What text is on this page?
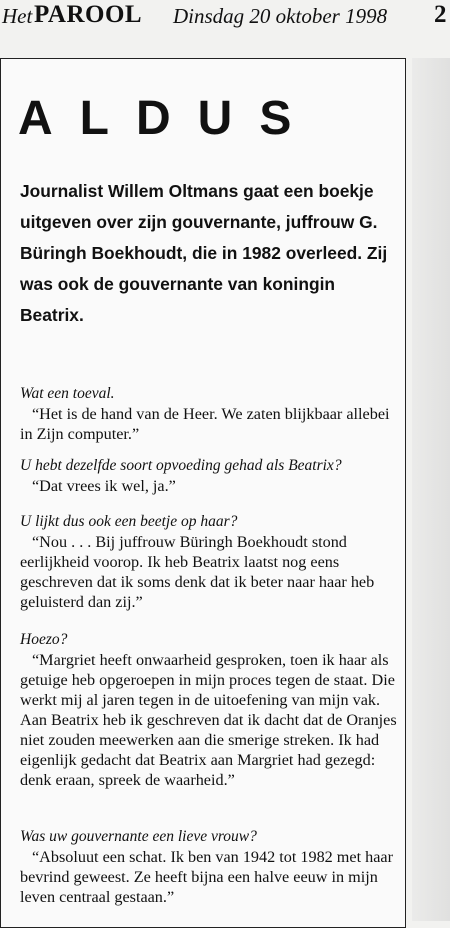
Het PAROOL Dinsdag 20 oktober 1998 2
ALDUS
Journalist Willem Oltmans gaat een boekje uitgeven over zijn gouvernante, juffrouw G. Büringh Boekhoudt, die in 1982 overleed. Zij was ook de gouvernante van koningin Beatrix.
Wat een toeval.
“Het is de hand van de Heer. We zaten blijkbaar allebei in Zijn computer.”
U hebt dezelfde soort opvoeding gehad als Beatrix?
“Dat vrees ik wel, ja.”
U lijkt dus ook een beetje op haar?
“Nou . . . Bij juffrouw Büringh Boekhoudt stond eerlijkheid voorop. Ik heb Beatrix laatst nog eens geschreven dat ik soms denk dat ik beter naar haar heb geluisterd dan zij.”
Hoezo?
“Margriet heeft onwaarheid gesproken, toen ik haar als getuige heb opgeroepen in mijn proces tegen de staat. Die werkt mij al jaren tegen in de uitoefening van mijn vak. Aan Beatrix heb ik geschreven dat ik dacht dat de Oranjes niet zouden meewerken aan die smerige streken. Ik had eigenlijk gedacht dat Beatrix aan Margriet had gezegd: denk eraan, spreek de waarheid.”
Was uw gouvernante een lieve vrouw?
“Absoluut een schat. Ik ben van 1942 tot 1982 met haar bevrind geweest. Ze heeft bijna een halve eeuw in mijn leven centraal gestaan.”
